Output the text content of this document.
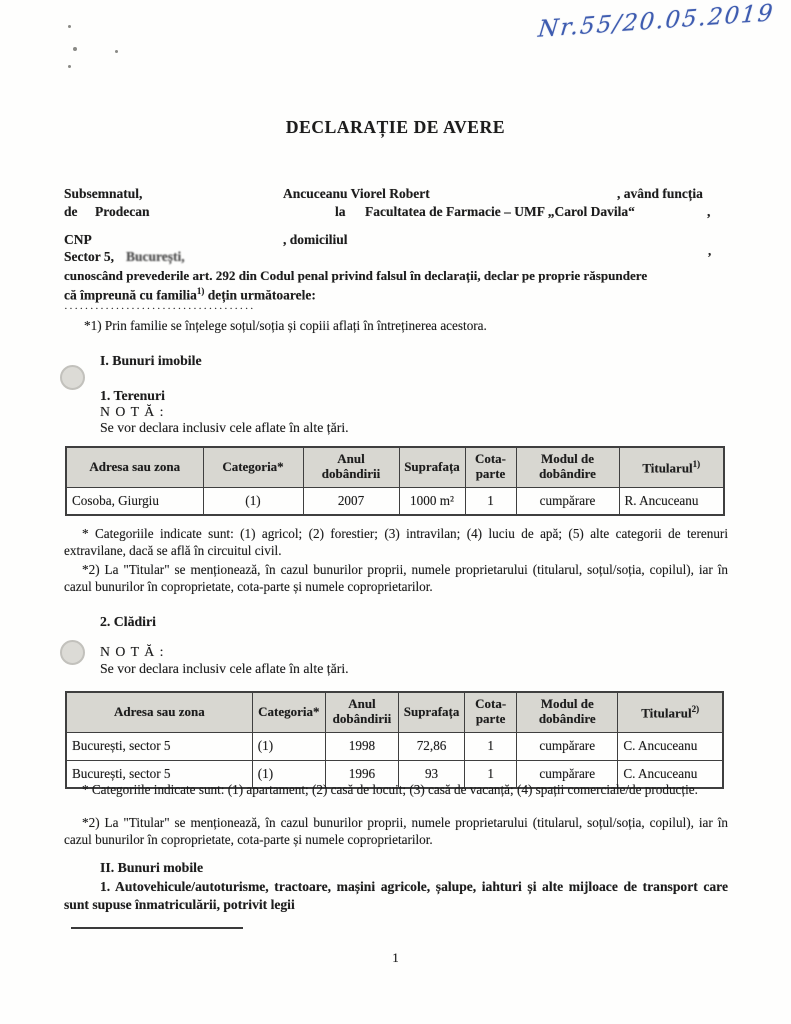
Nr.55/20.05.2019
DECLARAȚIE DE AVERE
Subsemnatul,	Ancuceanu Viorel Robert	, având funcția
de Prodecan	la Facultatea de Farmacie – UMF „Carol Davila“	,
CNP	, domiciliul
Sector 5, București,	,
cunoscând prevederile art. 292 din Codul penal privind falsul în declarații, declar pe proprie răspundere
că împreună cu familia$^{1)}$ dețin următoarele:
·····································
*1) Prin familie se înțelege soțul/soția și copiii aflați în întreținerea acestora.
I. Bunuri imobile
1. Terenuri
N O T Ă :
Se vor declara inclusiv cele aflate în alte țări.
Adresa sau zona	Categoria*	Anul dobândirii	Suprafața	Cota-parte	Modul de dobândire	Titularul$^{1)}$
Cosoba, Giurgiu	(1)	2007	1000 m²	1	cumpărare	R. Ancuceanu
* Categoriile indicate sunt: (1) agricol; (2) forestier; (3) intravilan; (4) luciu de apă; (5) alte categorii de terenuri extravilane, dacă se află în circuitul civil.
*2) La "Titular" se menționează, în cazul bunurilor proprii, numele proprietarului (titularul, soțul/soția, copilul), iar în cazul bunurilor în coproprietate, cota-parte și numele coproprietarilor.
2. Clădiri
N O T Ă :
Se vor declara inclusiv cele aflate în alte țări.
Adresa sau zona	Categoria*	Anul dobândirii	Suprafața	Cota-parte	Modul de dobândire	Titularul$^{2)}$
București, sector 5	(1)	1998	72,86	1	cumpărare	C. Ancuceanu
București, sector 5	(1)	1996	93	1	cumpărare	C. Ancuceanu
* Categoriile indicate sunt: (1) apartament; (2) casă de locuit; (3) casă de vacanță; (4) spații comerciale/de producție.
*2) La "Titular" se menționează, în cazul bunurilor proprii, numele proprietarului (titularul, soțul/soția, copilul), iar în cazul bunurilor în coproprietate, cota-parte și numele coproprietarilor.
II. Bunuri mobile
1. Autovehicule/autoturisme, tractoare, mașini agricole, șalupe, iahturi și alte mijloace de transport care sunt supuse înmatriculării, potrivit legii
1
